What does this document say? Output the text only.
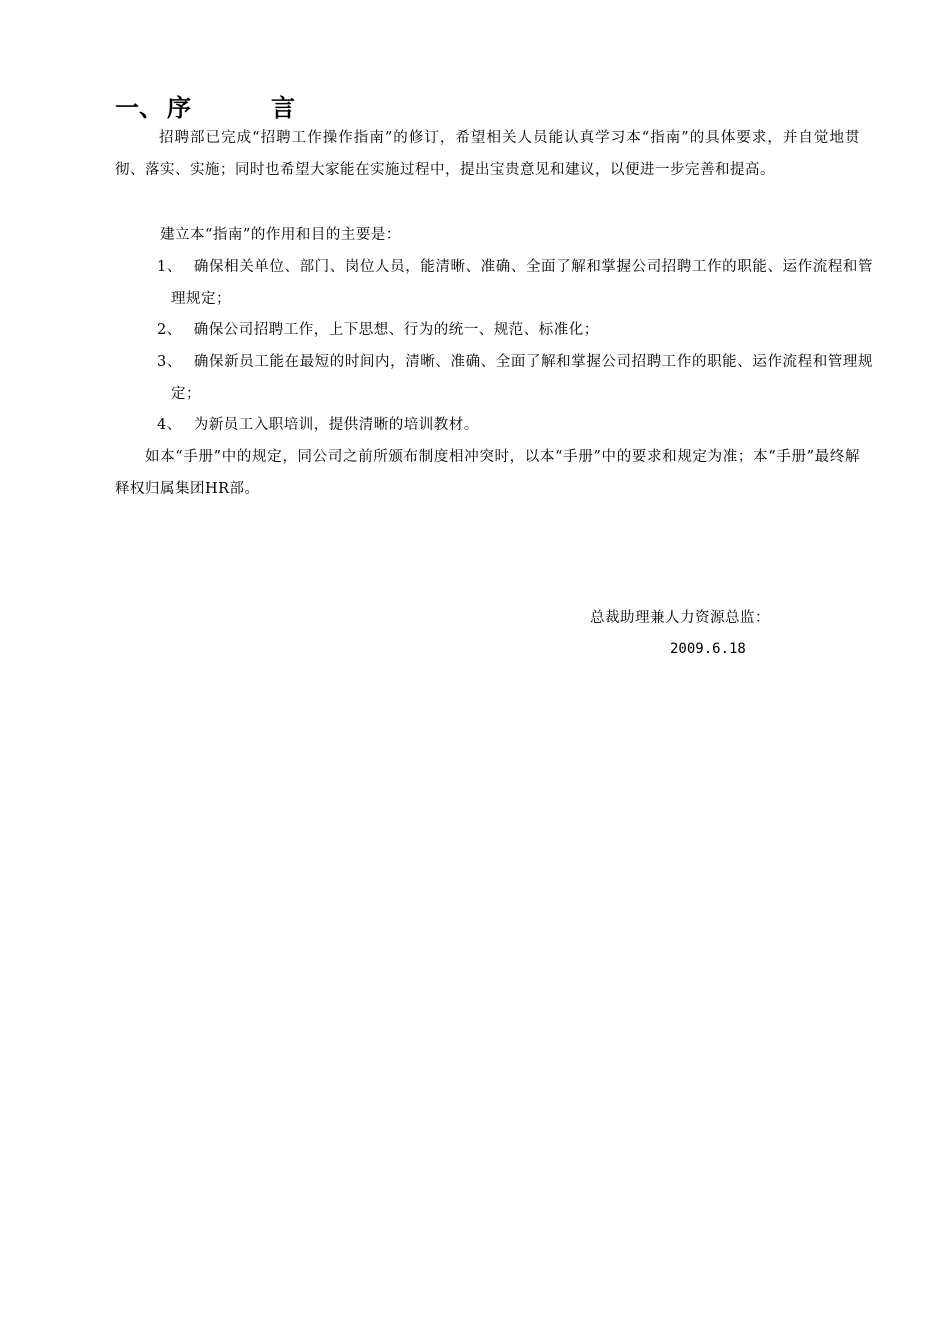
一、 序	言
招聘部已完成“招聘工作操作指南”的修订，希望相关人员能认真学习本“指南”的具体要求，并自觉地贯彻、落实、实施；同时也希望大家能在实施过程中，提出宝贵意见和建议，以便进一步完善和提高。
建立本“指南”的作用和目的主要是：
1、 确保相关单位、部门、岗位人员，能清晰、准确、全面了解和掌握公司招聘工作的职能、运作流程和管理规定；
2、 确保公司招聘工作，上下思想、行为的统一、规范、标准化；
3、 确保新员工能在最短的时间内，清晰、准确、全面了解和掌握公司招聘工作的职能、运作流程和管理规定；
4、 为新员工入职培训，提供清晰的培训教材。
如本“手册”中的规定，同公司之前所颁布制度相冲突时，以本“手册”中的要求和规定为准；本“手册”最终解释权归属集团HR部。
总裁助理兼人力资源总监：
2009.6.18
